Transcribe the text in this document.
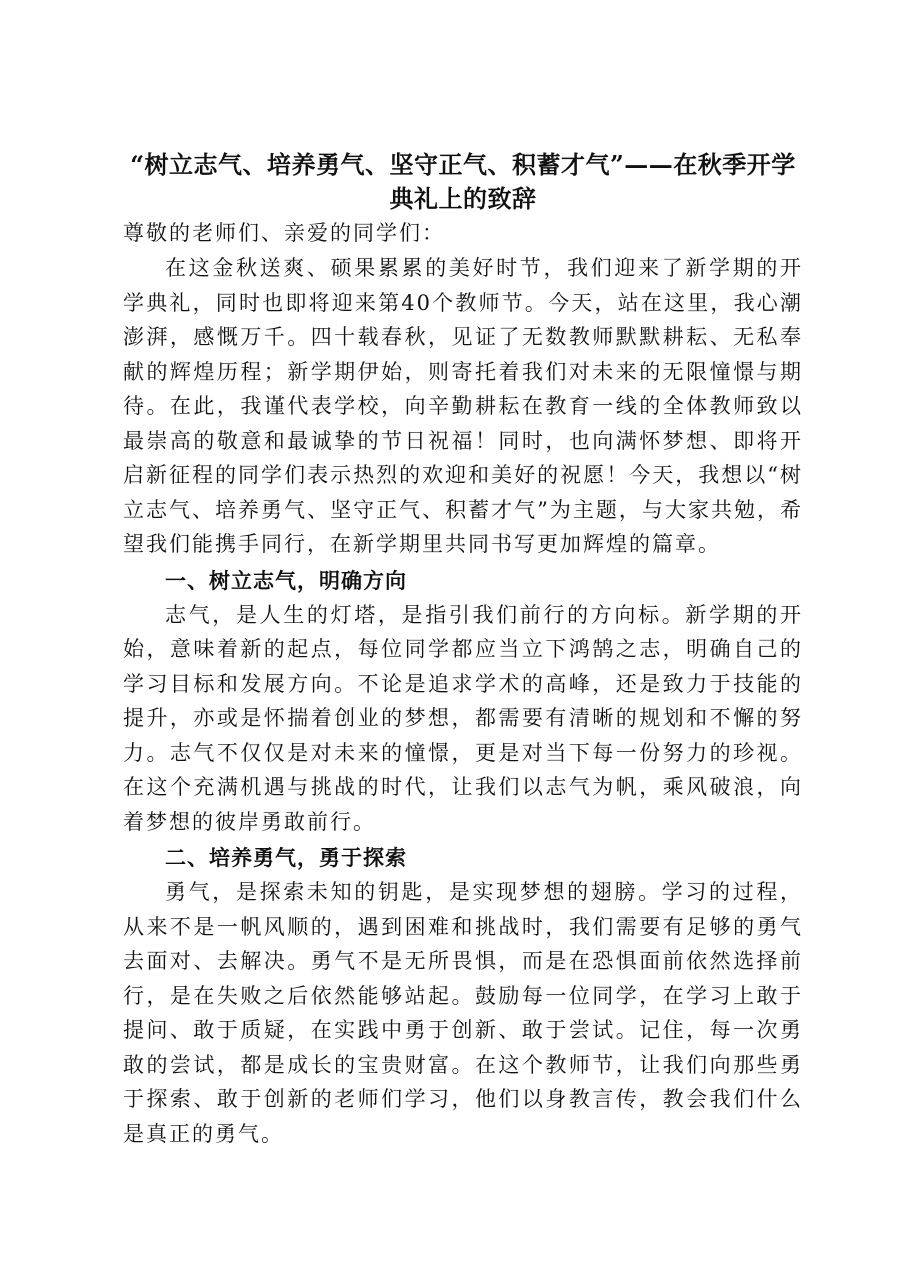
“树立志气、培养勇气、坚守正气、积蓄才气”——在秋季开学典礼上的致辞

尊敬的老师们、亲爱的同学们：

在这金秋送爽、硕果累累的美好时节，我们迎来了新学期的开学典礼，同时也即将迎来第40个教师节。今天，站在这里，我心潮澎湃，感慨万千。四十载春秋，见证了无数教师默默耕耘、无私奉献的辉煌历程；新学期伊始，则寄托着我们对未来的无限憧憬与期待。在此，我谨代表学校，向辛勤耕耘在教育一线的全体教师致以最崇高的敬意和最诚挚的节日祝福！同时，也向满怀梦想、即将开启新征程的同学们表示热烈的欢迎和美好的祝愿！今天，我想以“树立志气、培养勇气、坚守正气、积蓄才气”为主题，与大家共勉，希望我们能携手同行，在新学期里共同书写更加辉煌的篇章。

一、树立志气，明确方向

志气，是人生的灯塔，是指引我们前行的方向标。新学期的开始，意味着新的起点，每位同学都应当立下鸿鹄之志，明确自己的学习目标和发展方向。不论是追求学术的高峰，还是致力于技能的提升，亦或是怀揣着创业的梦想，都需要有清晰的规划和不懈的努力。志气不仅仅是对未来的憧憬，更是对当下每一份努力的珍视。在这个充满机遇与挑战的时代，让我们以志气为帆，乘风破浪，向着梦想的彼岸勇敢前行。

二、培养勇气，勇于探索

勇气，是探索未知的钥匙，是实现梦想的翅膀。学习的过程，从来不是一帆风顺的，遇到困难和挑战时，我们需要有足够的勇气去面对、去解决。勇气不是无所畏惧，而是在恐惧面前依然选择前行，是在失败之后依然能够站起。鼓励每一位同学，在学习上敢于提问、敢于质疑，在实践中勇于创新、敢于尝试。记住，每一次勇敢的尝试，都是成长的宝贵财富。在这个教师节，让我们向那些勇于探索、敢于创新的老师们学习，他们以身教言传，教会我们什么是真正的勇气。
